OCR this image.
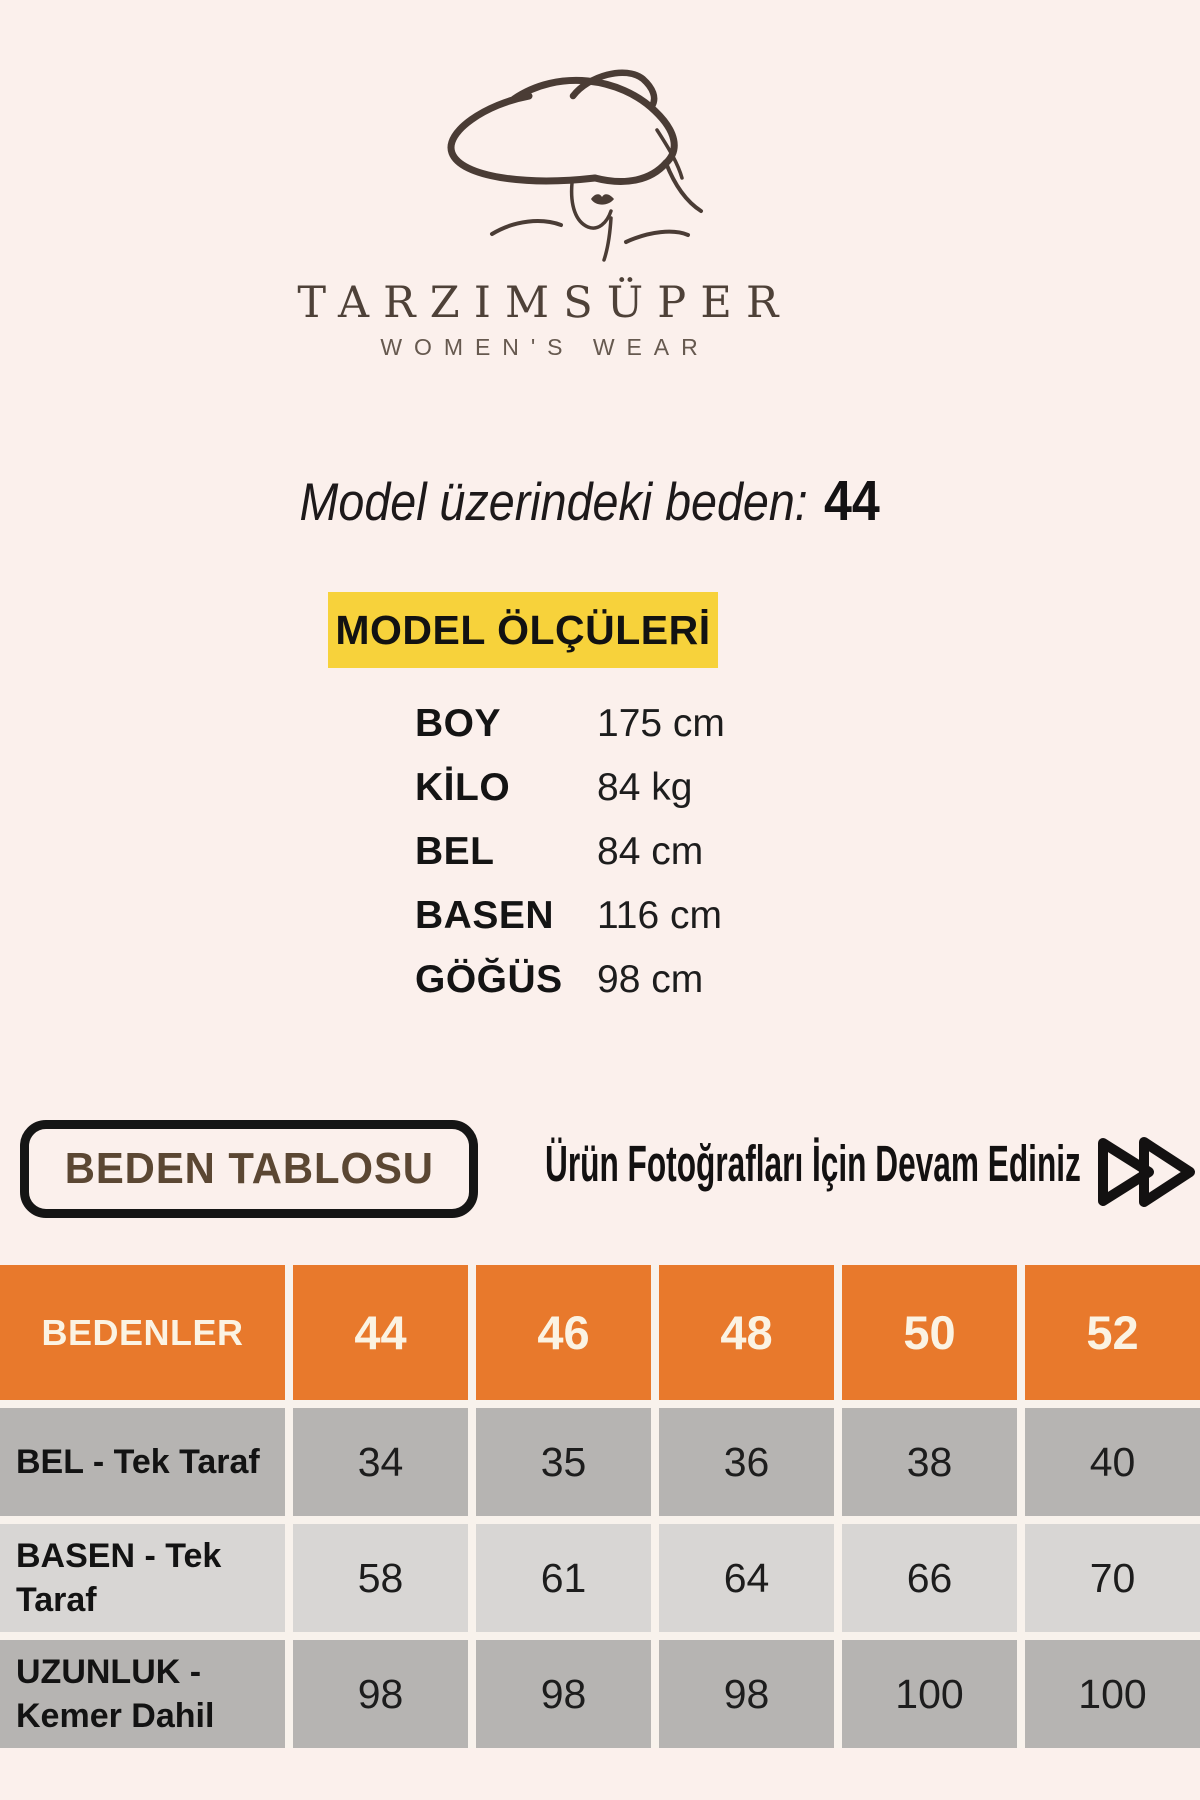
TARZIMSÜPER
WOMEN'S WEAR
Model üzerindeki beden: 44
MODEL ÖLÇÜLERİ
BOY	175 cm
KİLO	84 kg
BEL	84 cm
BASEN	116 cm
GÖĞÜS 98 cm
BEDEN TABLOSU Ürün Fotoğrafları İçin Devam Ediniz
BEDENLER	44	46	48	50	52
BEL - Tek Taraf	34	35	36	38	40
BASEN - Tek Taraf	58	61	64	66	70
UZUNLUK - Kemer Dahil	98	98	98	100	100
